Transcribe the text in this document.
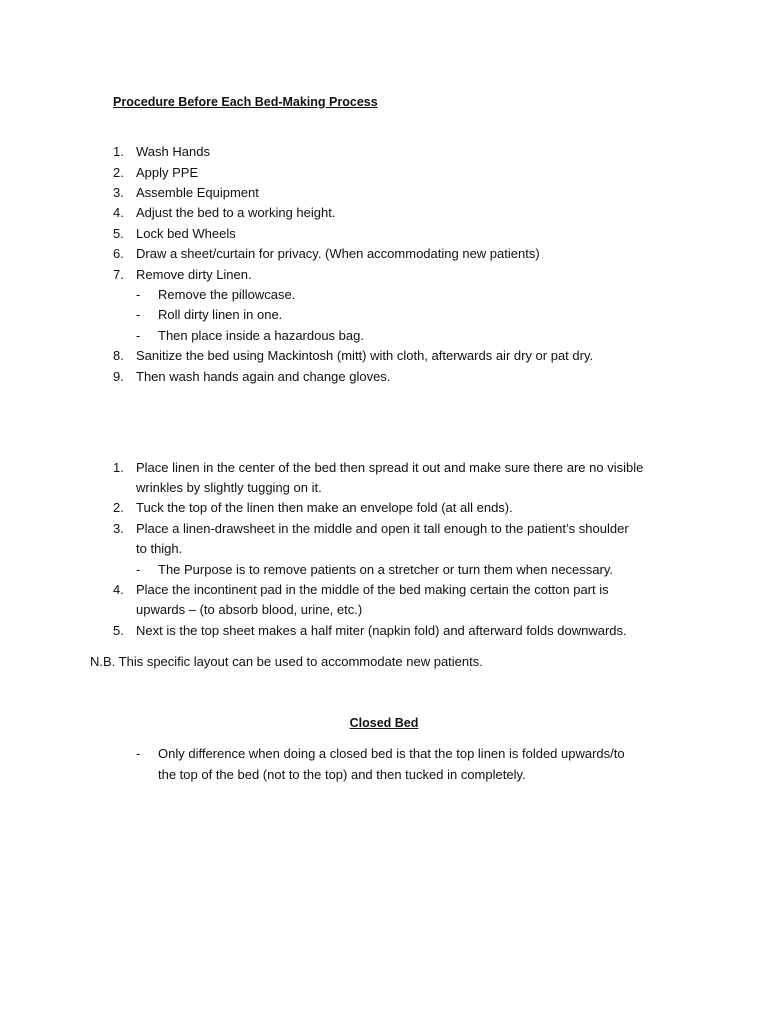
Procedure Before Each Bed-Making Process
1. Wash Hands
2. Apply PPE
3. Assemble Equipment
4. Adjust the bed to a working height.
5. Lock bed Wheels
6. Draw a sheet/curtain for privacy. (When accommodating new patients)
7. Remove dirty Linen.
-	Remove the pillowcase.
-	Roll dirty linen in one.
-	Then place inside a hazardous bag.
8. Sanitize the bed using Mackintosh (mitt) with cloth, afterwards air dry or pat dry.
9. Then wash hands again and change gloves.
1. Place linen in the center of the bed then spread it out and make sure there are no visible
wrinkles by slightly tugging on it.
2. Tuck the top of the linen then make an envelope fold (at all ends).
3. Place a linen-drawsheet in the middle and open it tall enough to the patient’s shoulder
to thigh.
-	The Purpose is to remove patients on a stretcher or turn them when necessary.
4. Place the incontinent pad in the middle of the bed making certain the cotton part is
upwards – (to absorb blood, urine, etc.)
5. Next is the top sheet makes a half miter (napkin fold) and afterward folds downwards.
N.B. This specific layout can be used to accommodate new patients.
Closed Bed
-	Only difference when doing a closed bed is that the top linen is folded upwards/to
the top of the bed (not to the top) and then tucked in completely.
